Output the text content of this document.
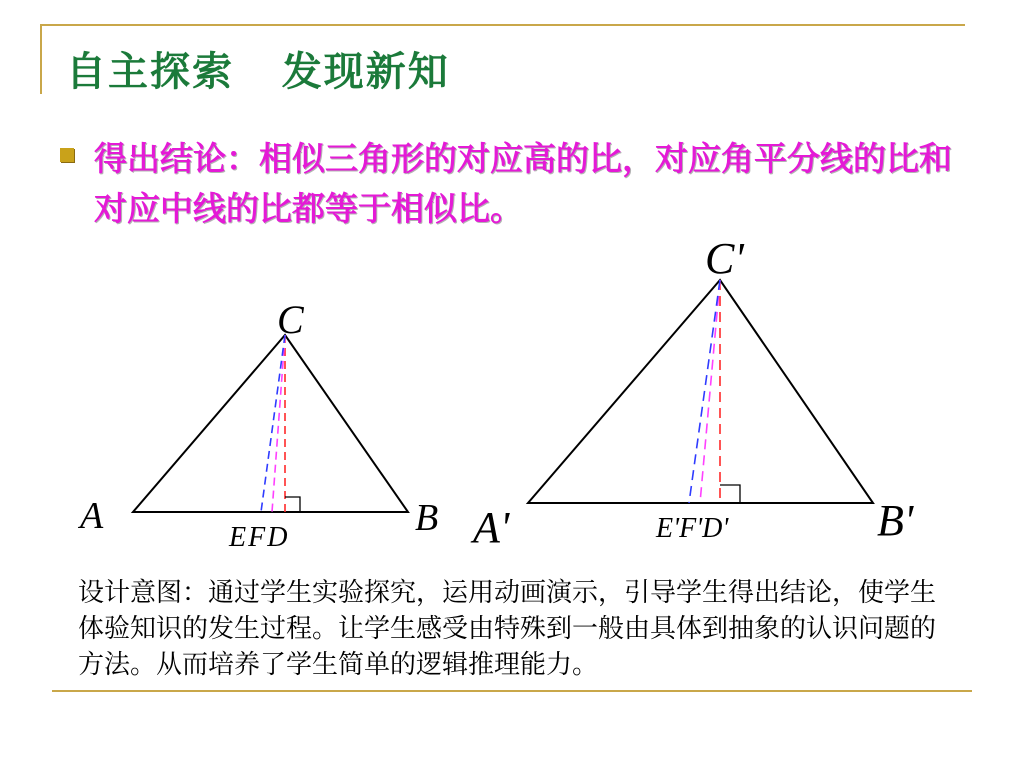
自主探索   发现新知
得出结论：相似三角形的对应高的比，对应角平分线的比和对应中线的比都等于相似比。
C
A	B
EFD
C'
A'	B'
E'F'D'
设计意图：通过学生实验探究，运用动画演示，引导学生得出结论，使学生体验知识的发生过程。让学生感受由特殊到一般由具体到抽象的认识问题的方法。从而培养了学生简单的逻辑推理能力。
